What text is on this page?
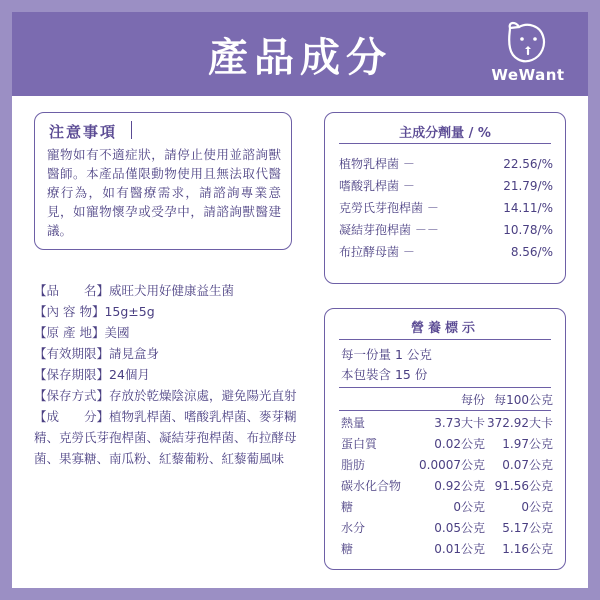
產品成分	WeWant
注意事項
寵物如有不適症狀，請停止使用並諮詢獸醫師。本產品僅限動物使用且無法取代醫療行為，如有醫療需求，請諮詢專業意見，如寵物懷孕或受孕中，請諮詢獸醫建議。
主成分劑量 / %
植物乳桿菌 －	22.56/%
嗜酸乳桿菌 －	21.79/%
克勞氏芽孢桿菌 －	14.11/%
凝結芽孢桿菌 －－	10.78/%
布拉酵母菌 －	8.56/%
【品　　名】威旺犬用好健康益生菌
【內 容 物】15g±5g
【原 產 地】美國
【有效期限】請見盒身
【保存期限】24個月
【保存方式】存放於乾燥陰涼處，避免陽光直射
【成　　分】植物乳桿菌、嗜酸乳桿菌、麥芽糊精、克勞氏芽孢桿菌、凝結芽孢桿菌、布拉酵母菌、果寡糖、南瓜粉、紅藜葡粉、紅藜葡風味
營養標示
每一份量 1 公克
本包裝含 15 份
每份 每100公克
熱量	3.73大卡 372.92大卡
蛋白質	0.02公克	1.97公克
脂肪	0.0007公克	0.07公克
碳水化合物	0.92公克 91.56公克
糖	0公克	0公克
水分	0.05公克	5.17公克
糖	0.01公克	1.16公克
